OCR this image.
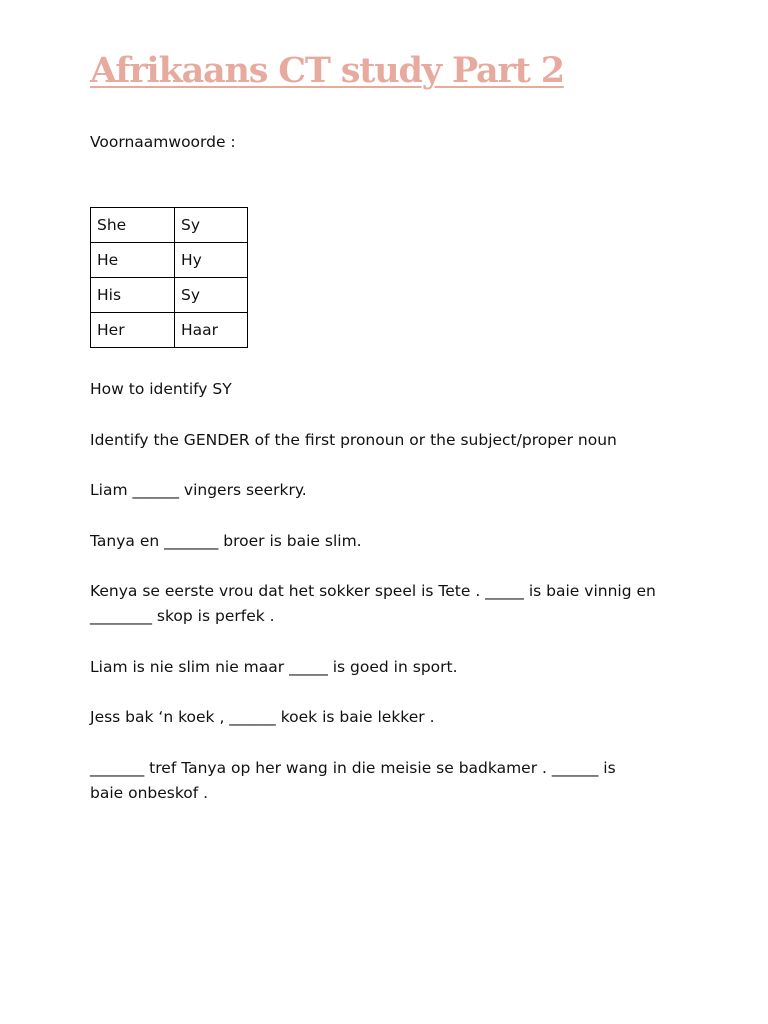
Afrikaans CT study Part 2

Voornaamwoorde :

She	Sy
He	Hy
His	Sy
Her	Haar

How to identify SY

Identify the GENDER of the first pronoun or the subject/proper noun

Liam ______ vingers seerkry.

Tanya en _______ broer is baie slim.

Kenya se eerste vrou dat het sokker speel is Tete . _____ is baie vinnig en

________ skop is perfek .

Liam is nie slim nie maar _____ is goed in sport.

Jess bak ‘n koek , ______ koek is baie lekker .

_______ tref Tanya op her wang in die meisie se badkamer . ______ is

baie onbeskof .
